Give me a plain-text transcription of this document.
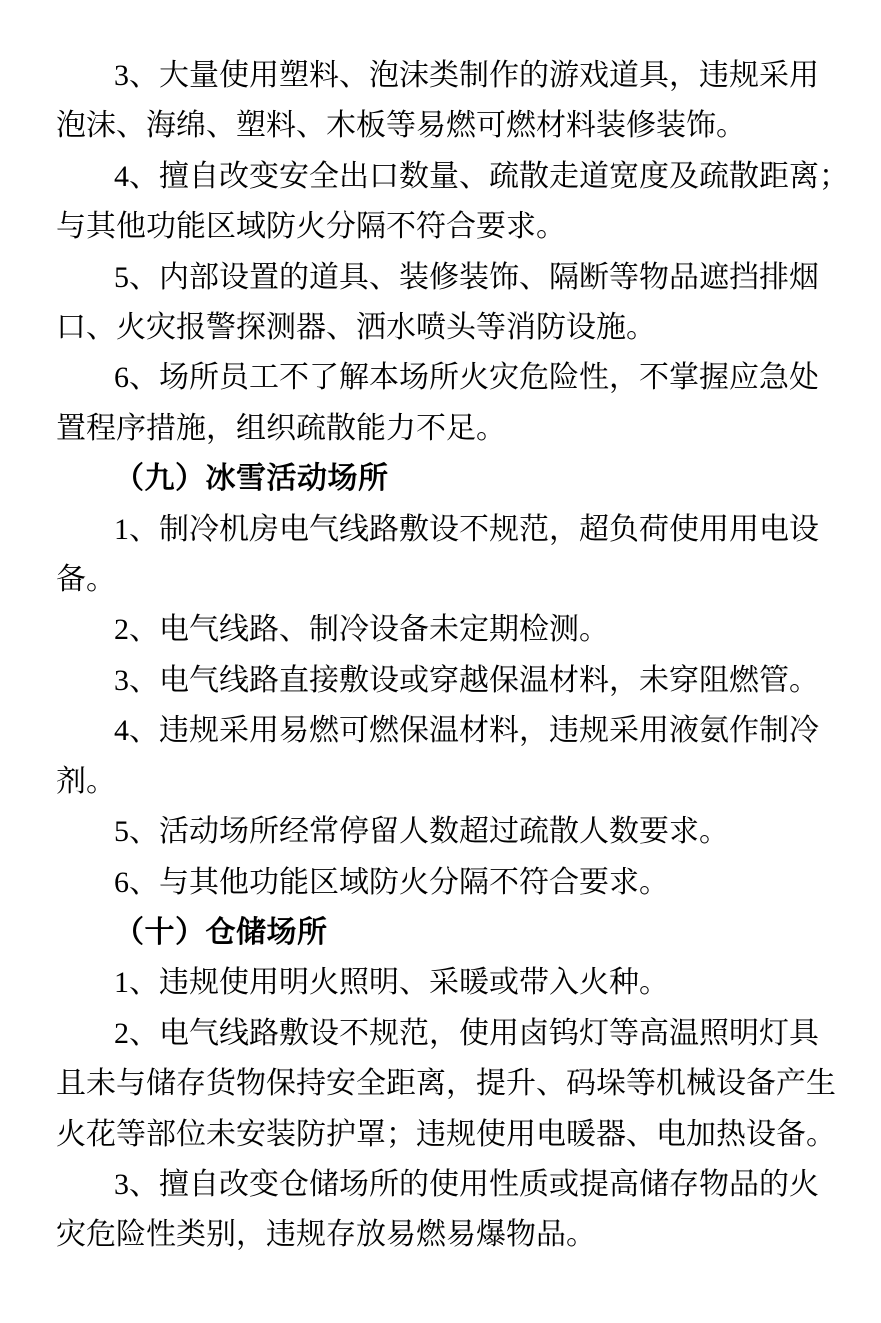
3、大量使用塑料、泡沫类制作的游戏道具，违规采用
泡沫、海绵、塑料、木板等易燃可燃材料装修装饰。

4、擅自改变安全出口数量、疏散走道宽度及疏散距离；
与其他功能区域防火分隔不符合要求。

5、内部设置的道具、装修装饰、隔断等物品遮挡排烟
口、火灾报警探测器、洒水喷头等消防设施。

6、场所员工不了解本场所火灾危险性，不掌握应急处
置程序措施，组织疏散能力不足。

（九）冰雪活动场所

1、制冷机房电气线路敷设不规范，超负荷使用用电设
备。

2、电气线路、制冷设备未定期检测。

3、电气线路直接敷设或穿越保温材料，未穿阻燃管。

4、违规采用易燃可燃保温材料，违规采用液氨作制冷
剂。

5、活动场所经常停留人数超过疏散人数要求。

6、与其他功能区域防火分隔不符合要求。

（十）仓储场所

1、违规使用明火照明、采暖或带入火种。

2、电气线路敷设不规范，使用卤钨灯等高温照明灯具
且未与储存货物保持安全距离，提升、码垛等机械设备产生
火花等部位未安装防护罩；违规使用电暖器、电加热设备。

3、擅自改变仓储场所的使用性质或提高储存物品的火
灾危险性类别，违规存放易燃易爆物品。
